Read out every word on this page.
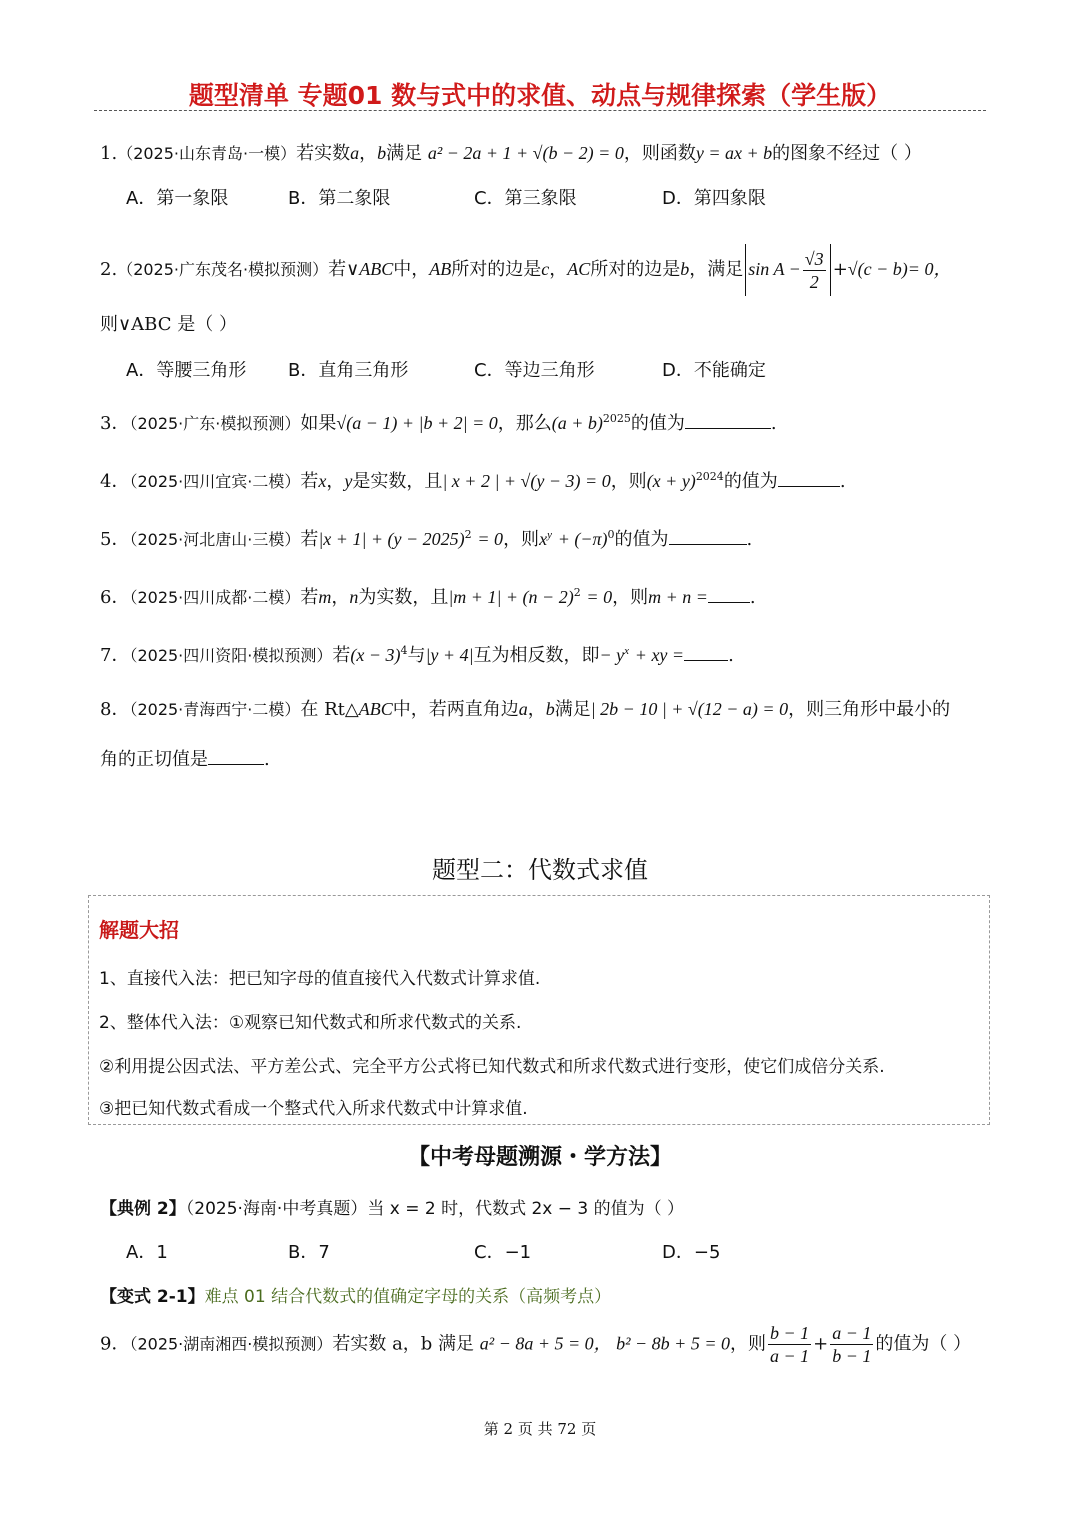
题型清单 专题01 数与式中的求值、动点与规律探索（学生版）
1.（2025·山东青岛·一模）若实数a，b满足 a² − 2a + 1 + √(b − 2) = 0，则函数y = ax + b的图象不经过（ ）
A．第一象限	B．第二象限	C．第三象限	D．第四象限
2.（2025·广东茂名·模拟预测）若∨ABC中，AB所对的边是c，AC所对的边是b，满足 $\sin A - \frac{√3}{2} +√(c - b)= 0$，
则∨ABC 是（ ）
A．等腰三角形 B．直角三角形	C．等边三角形	D．不能确定
3．（2025·广东·模拟预测）如果√(a − 1) + |b + 2| = 0，那么$(a + b)^{2025}$的值为	.
4．（2025·四川宜宾·二模）若x，y是实数，且| x + 2 | + √(y − 3) = 0，则$(x + y)^{2024}$的值为	.
5．（2025·河北唐山·三模）若$|x + 1| + (y - 2025)^2 = 0$，则$x^y + (-\pi)^0$的值为	.
6．（2025·四川成都·二模）若m，n为实数，且$|m + 1| + (n - 2)^2 = 0$，则m + n = .
7．（2025·四川资阳·模拟预测）若$(x - 3)^4$与|y + 4|互为相反数，即− $y^x$ + xy = .
8．（2025·青海西宁·二模）在 Rt△ABC中，若两直角边a，b满足| 2b − 10 | + √(12 − a) = 0，则三角形中最小的
角的正切值是	.
题型二：代数式求值
解题大招
1、直接代入法：把已知字母的值直接代入代数式计算求值.
2、整体代入法：①观察已知代数式和所求代数式的关系.
②利用提公因式法、平方差公式、完全平方公式将已知代数式和所求代数式进行变形，使它们成倍分关系.
③把已知代数式看成一个整式代入所求代数式中计算求值.
【中考母题溯源・学方法】
【典例 2】（2025·海南·中考真题）当 x = 2 时，代数式 2x − 3 的值为（ ）
A．1	B．7	C．−1	D．−5
【变式 2-1】难点 01 结合代数式的值确定字母的关系（高频考点）
9．（2025·湖南湘西·模拟预测）若实数 a，b 满足 a² − 8a + 5 = 0， b² − 8b + 5 = 0，则 $\frac{b - 1}{a - 1} + \frac{a - 1}{b - 1}$ 的值为（ ）
第 2 页 共 72 页
